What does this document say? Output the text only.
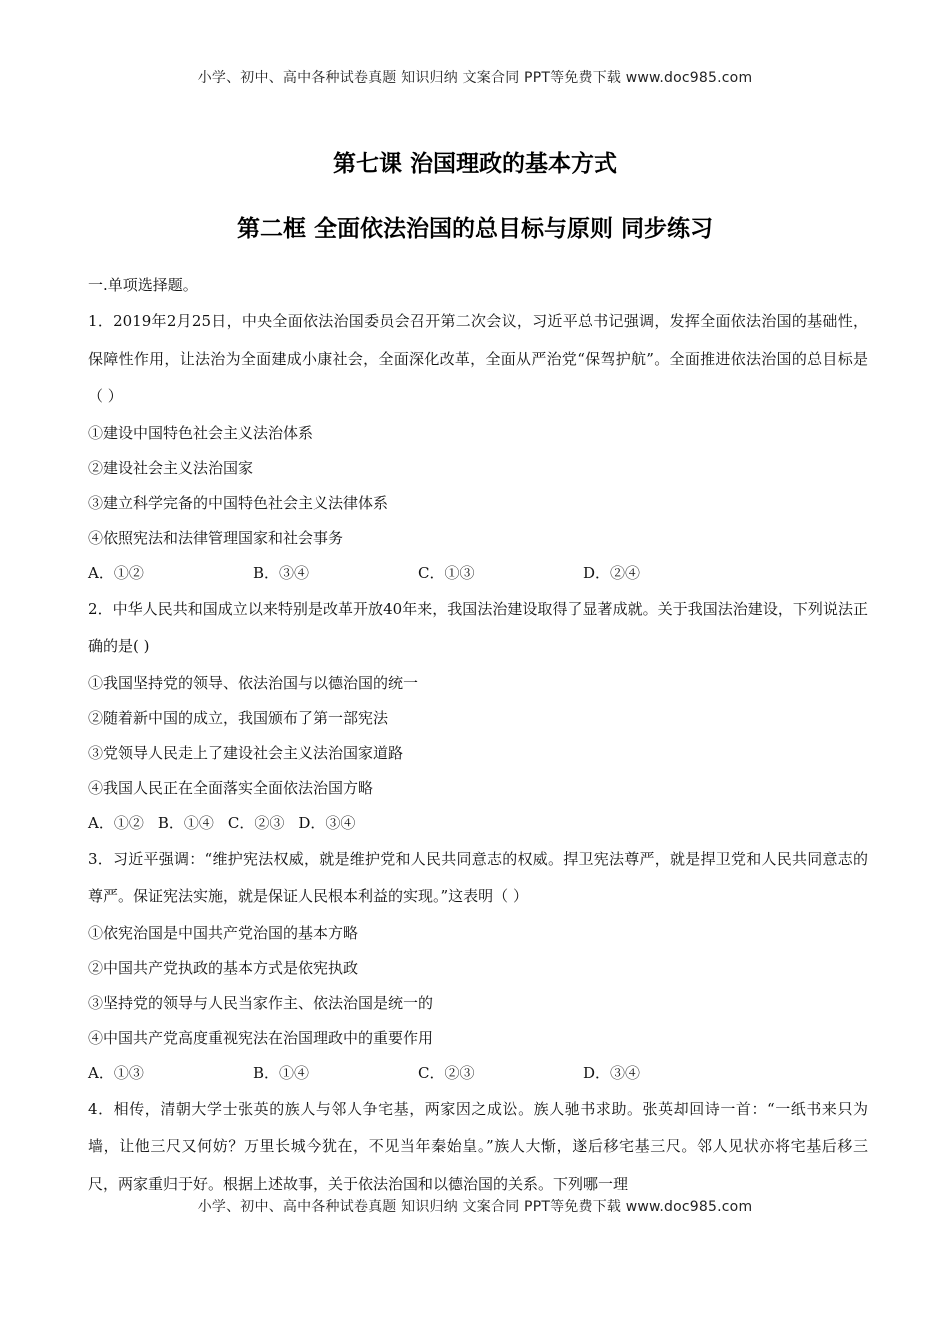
小学、初中、高中各种试卷真题 知识归纳 文案合同 PPT等免费下载 www.doc985.com
第七课 治国理政的基本方式
第二框 全面依法治国的总目标与原则 同步练习
一.单项选择题。
1．2019年2月25日，中央全面依法治国委员会召开第二次会议，习近平总书记强调，发挥全面依法治国的基础性，保障性作用，让法治为全面建成小康社会，全面深化改革，全面从严治党“保驾护航”。全面推进依法治国的总目标是（ ）
①建设中国特色社会主义法治体系
②建设社会主义法治国家
③建立科学完备的中国特色社会主义法律体系
④依照宪法和法律管理国家和社会事务
A．①②	B．③④	C．①③	D．②④
2．中华人民共和国成立以来特别是改革开放40年来，我国法治建设取得了显著成就。关于我国法治建设，下列说法正确的是( )
①我国坚持党的领导、依法治国与以德治国的统一
②随着新中国的成立，我国颁布了第一部宪法
③党领导人民走上了建设社会主义法治国家道路
④我国人民正在全面落实全面依法治国方略
A．①② B．①④ C．②③ D．③④
3．习近平强调：“维护宪法权威，就是维护党和人民共同意志的权威。捍卫宪法尊严，就是捍卫党和人民共同意志的尊严。保证宪法实施，就是保证人民根本利益的实现。”这表明（ ）
①依宪治国是中国共产党治国的基本方略
②中国共产党执政的基本方式是依宪执政
③坚持党的领导与人民当家作主、依法治国是统一的
④中国共产党高度重视宪法在治国理政中的重要作用
A．①③	B．①④	C．②③	D．③④
4．相传，清朝大学士张英的族人与邻人争宅基，两家因之成讼。族人驰书求助。张英却回诗一首：“一纸书来只为墙，让他三尺又何妨？万里长城今犹在，不见当年秦始皇。”族人大惭，遂后移宅基三尺。邻人见状亦将宅基后移三尺，两家重归于好。根据上述故事，关于依法治国和以德治国的关系。下列哪一理
小学、初中、高中各种试卷真题 知识归纳 文案合同 PPT等免费下载 www.doc985.com
